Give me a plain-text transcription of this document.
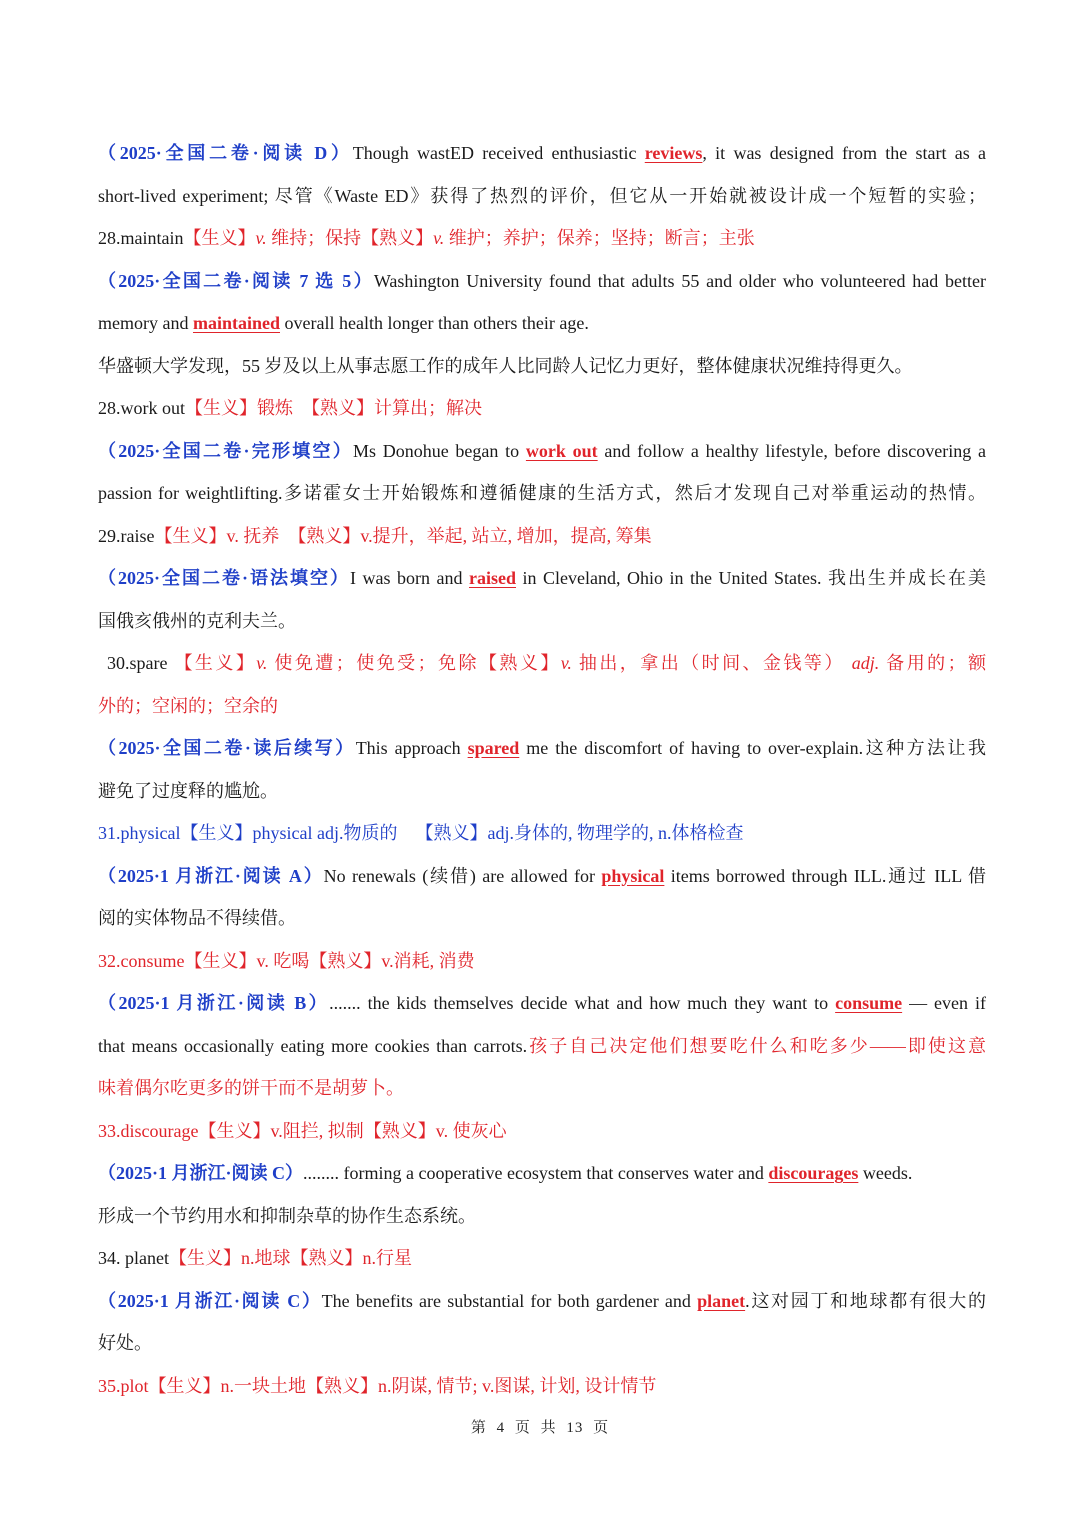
（2025·全国二卷·阅读 D）Though wastED received enthusiastic reviews, it was designed from the start as a
short-lived experiment; 尽管《Waste ED》获得了热烈的评价，但它从一开始就被设计成一个短暂的实验；
28.maintain【生义】v. 维持；保持【熟义】v. 维护；养护；保养；坚持；断言；主张
（2025·全国二卷·阅读 7 选 5）Washington University found that adults 55 and older who volunteered had better
memory and maintained overall health longer than others their age.
华盛顿大学发现，55 岁及以上从事志愿工作的成年人比同龄人记忆力更好，整体健康状况维持得更久。
28.work out【生义】锻炼 【熟义】计算出；解决
（2025·全国二卷·完形填空）Ms Donohue began to work out and follow a healthy lifestyle, before discovering a
passion for weightlifting.多诺霍女士开始锻炼和遵循健康的生活方式，然后才发现自己对举重运动的热情。
29.raise【生义】v. 抚养 【熟义】v.提升，举起, 站立, 增加，提高, 筹集
（2025·全国二卷·语法填空）I was born and raised in Cleveland, Ohio in the United States. 我出生并成长在美
国俄亥俄州的克利夫兰。
30.spare 【生义】v. 使免遭；使免受；免除【熟义】v. 抽出，拿出（时间、金钱等） adj. 备用的；额
外的；空闲的；空余的
（2025·全国二卷·读后续写）This approach spared me the discomfort of having to over-explain.这种方法让我
避免了过度释的尴尬。
31.physical【生义】physical adj.物质的 【熟义】adj.身体的, 物理学的, n.体格检查
（2025·1 月浙江·阅读 A）No renewals (续借) are allowed for physical items borrowed through ILL.通过 ILL 借
阅的实体物品不得续借。
32.consume【生义】v. 吃喝【熟义】v.消耗, 消费
（2025·1 月浙江·阅读 B）....... the kids themselves decide what and how much they want to consume — even if
that means occasionally eating more cookies than carrots.孩子自己决定他们想要吃什么和吃多少——即使这意
味着偶尔吃更多的饼干而不是胡萝卜。
33.discourage【生义】v.阻拦, 拟制【熟义】v. 使灰心
（2025·1 月浙江·阅读 C）........ forming a cooperative ecosystem that conserves water and discourages weeds.
形成一个节约用水和抑制杂草的协作生态系统。
34. planet【生义】n.地球【熟义】n.行星
（2025·1 月浙江·阅读 C）The benefits are substantial for both gardener and planet.这对园丁和地球都有很大的
好处。
35.plot【生义】n.一块土地【熟义】n.阴谋, 情节; v.图谋, 计划, 设计情节
第 4 页 共 13 页
